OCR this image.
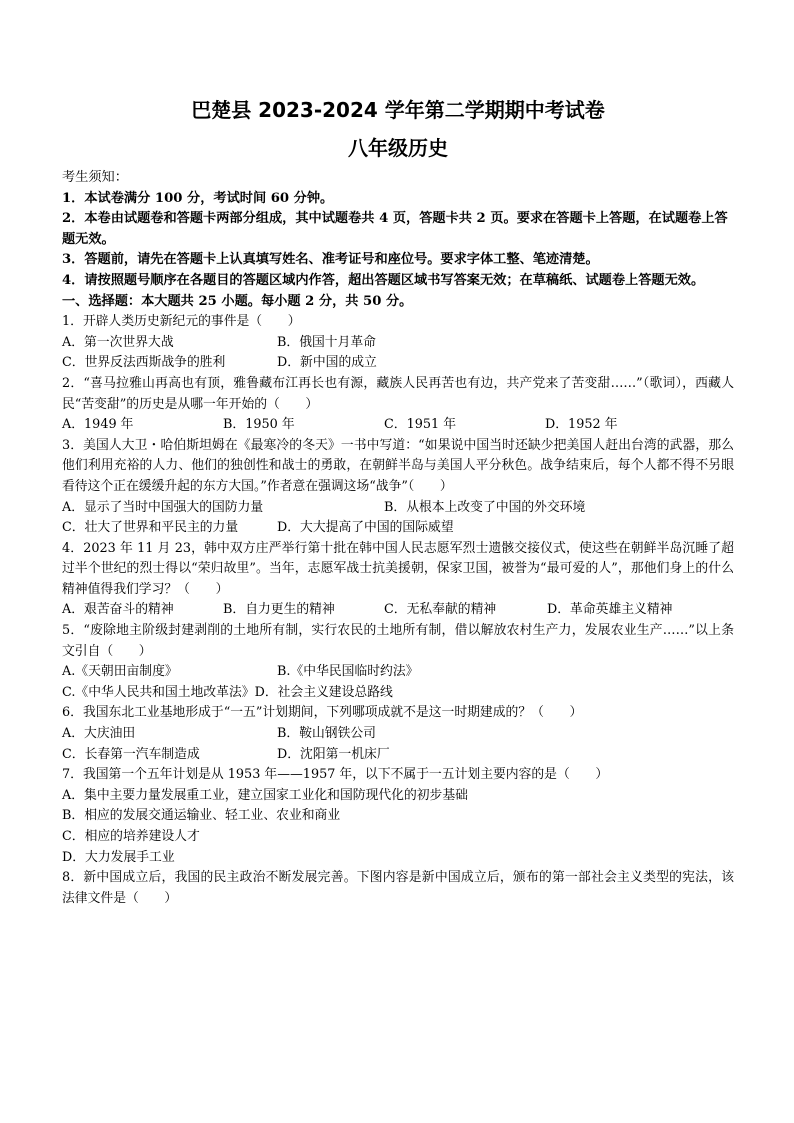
巴楚县 2023-2024 学年第二学期期中考试卷
八年级历史
考生须知：
1．本试卷满分 100 分，考试时间 60 分钟。
2．本卷由试题卷和答题卡两部分组成，其中试题卷共 4 页，答题卡共 2 页。要求在答题卡上答题，在试题卷上答题无效。
3．答题前，请先在答题卡上认真填写姓名、准考证号和座位号。要求字体工整、笔迹清楚。
4．请按照题号顺序在各题目的答题区域内作答，超出答题区域书写答案无效；在草稿纸、试题卷上答题无效。
一、选择题：本大题共 25 小题。每小题 2 分，共 50 分。
1．开辟人类历史新纪元的事件是（　　）
A．第一次世界大战	B．俄国十月革命
C．世界反法西斯战争的胜利	D．新中国的成立
2．“喜马拉雅山再高也有顶，雅鲁藏布江再长也有源，藏族人民再苦也有边，共产党来了苦变甜……”（歌词），西藏人民“苦变甜”的历史是从哪一年开始的（　　）
A．1949 年	B．1950 年	C．1951 年	D．1952 年
3．美国人大卫・哈伯斯坦姆在《最寒冷的冬天》一书中写道：“如果说中国当时还缺少把美国人赶出台湾的武器，那么他们利用充裕的人力、他们的独创性和战士的勇敢，在朝鲜半岛与美国人平分秋色。战争结束后，每个人都不得不另眼看待这个正在缓缓升起的东方大国。”作者意在强调这场“战争”（　　）
A．显示了当时中国强大的国防力量	B．从根本上改变了中国的外交环境
C．壮大了世界和平民主的力量	D．大大提高了中国的国际威望
4．2023 年 11 月 23，韩中双方庄严举行第十批在韩中国人民志愿军烈士遗骸交接仪式，使这些在朝鲜半岛沉睡了超过半个世纪的烈士得以“荣归故里”。当年，志愿军战士抗美援朝，保家卫国，被誉为“最可爱的人”，那他们身上的什么精神值得我们学习？（　　）
A．艰苦奋斗的精神	B．自力更生的精神	C．无私奉献的精神	D．革命英雄主义精神
5．“废除地主阶级封建剥削的土地所有制，实行农民的土地所有制，借以解放农村生产力，发展农业生产……”以上条文引自（　　）
A.《天朝田亩制度》	B.《中华民国临时约法》
C.《中华人民共和国土地改革法》 D．社会主义建设总路线
6．我国东北工业基地形成于“一五”计划期间，下列哪项成就不是这一时期建成的？（　　）
A．大庆油田	B．鞍山钢铁公司
C．长春第一汽车制造成	D．沈阳第一机床厂
7．我国第一个五年计划是从 1953 年——1957 年，以下不属于一五计划主要内容的是（　　）
A．集中主要力量发展重工业，建立国家工业化和国防现代化的初步基础
B．相应的发展交通运输业、轻工业、农业和商业
C．相应的培养建设人才
D．大力发展手工业
8．新中国成立后，我国的民主政治不断发展完善。下图内容是新中国成立后，颁布的第一部社会主义类型的宪法，该法律文件是（　　）
